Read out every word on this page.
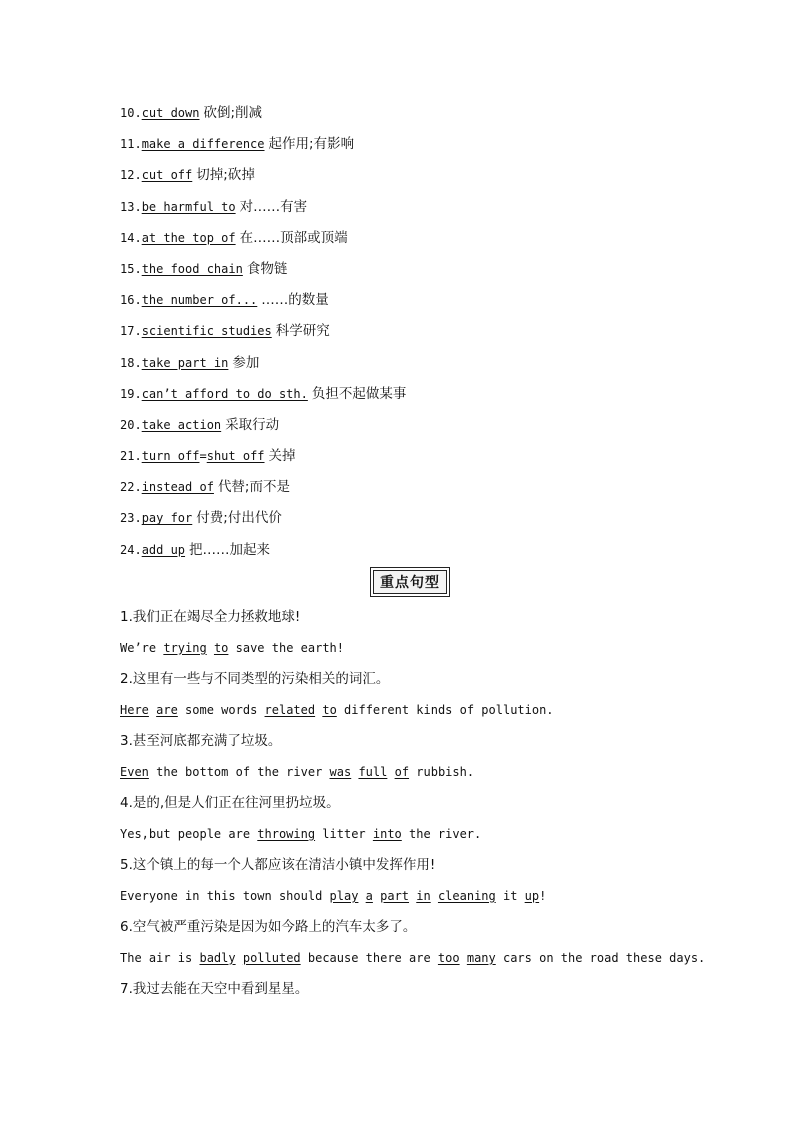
10.cut down 砍倒;削减
11.make a difference 起作用;有影响
12.cut off 切掉;砍掉
13.be harmful to 对……有害
14.at the top of 在……顶部或顶端
15.the food chain 食物链
16.the number of... ……的数量
17.scientific studies 科学研究
18.take part in 参加
19.can’t afford to do sth. 负担不起做某事
20.take action 采取行动
21.turn off=shut off 关掉
22.instead of 代替;而不是
23.pay for 付费;付出代价
24.add up 把……加起来
重点句型
1.我们正在竭尽全力拯救地球!
We’re trying to save the earth!
2.这里有一些与不同类型的污染相关的词汇。
Here are some words related to different kinds of pollution.
3.甚至河底都充满了垃圾。
Even the bottom of the river was full of rubbish.
4.是的,但是人们正在往河里扔垃圾。
Yes,but people are throwing litter into the river.
5.这个镇上的每一个人都应该在清洁小镇中发挥作用!
Everyone in this town should play a part in cleaning it up!
6.空气被严重污染是因为如今路上的汽车太多了。
The air is badly polluted because there are too many cars on the road these days.
7.我过去能在天空中看到星星。
